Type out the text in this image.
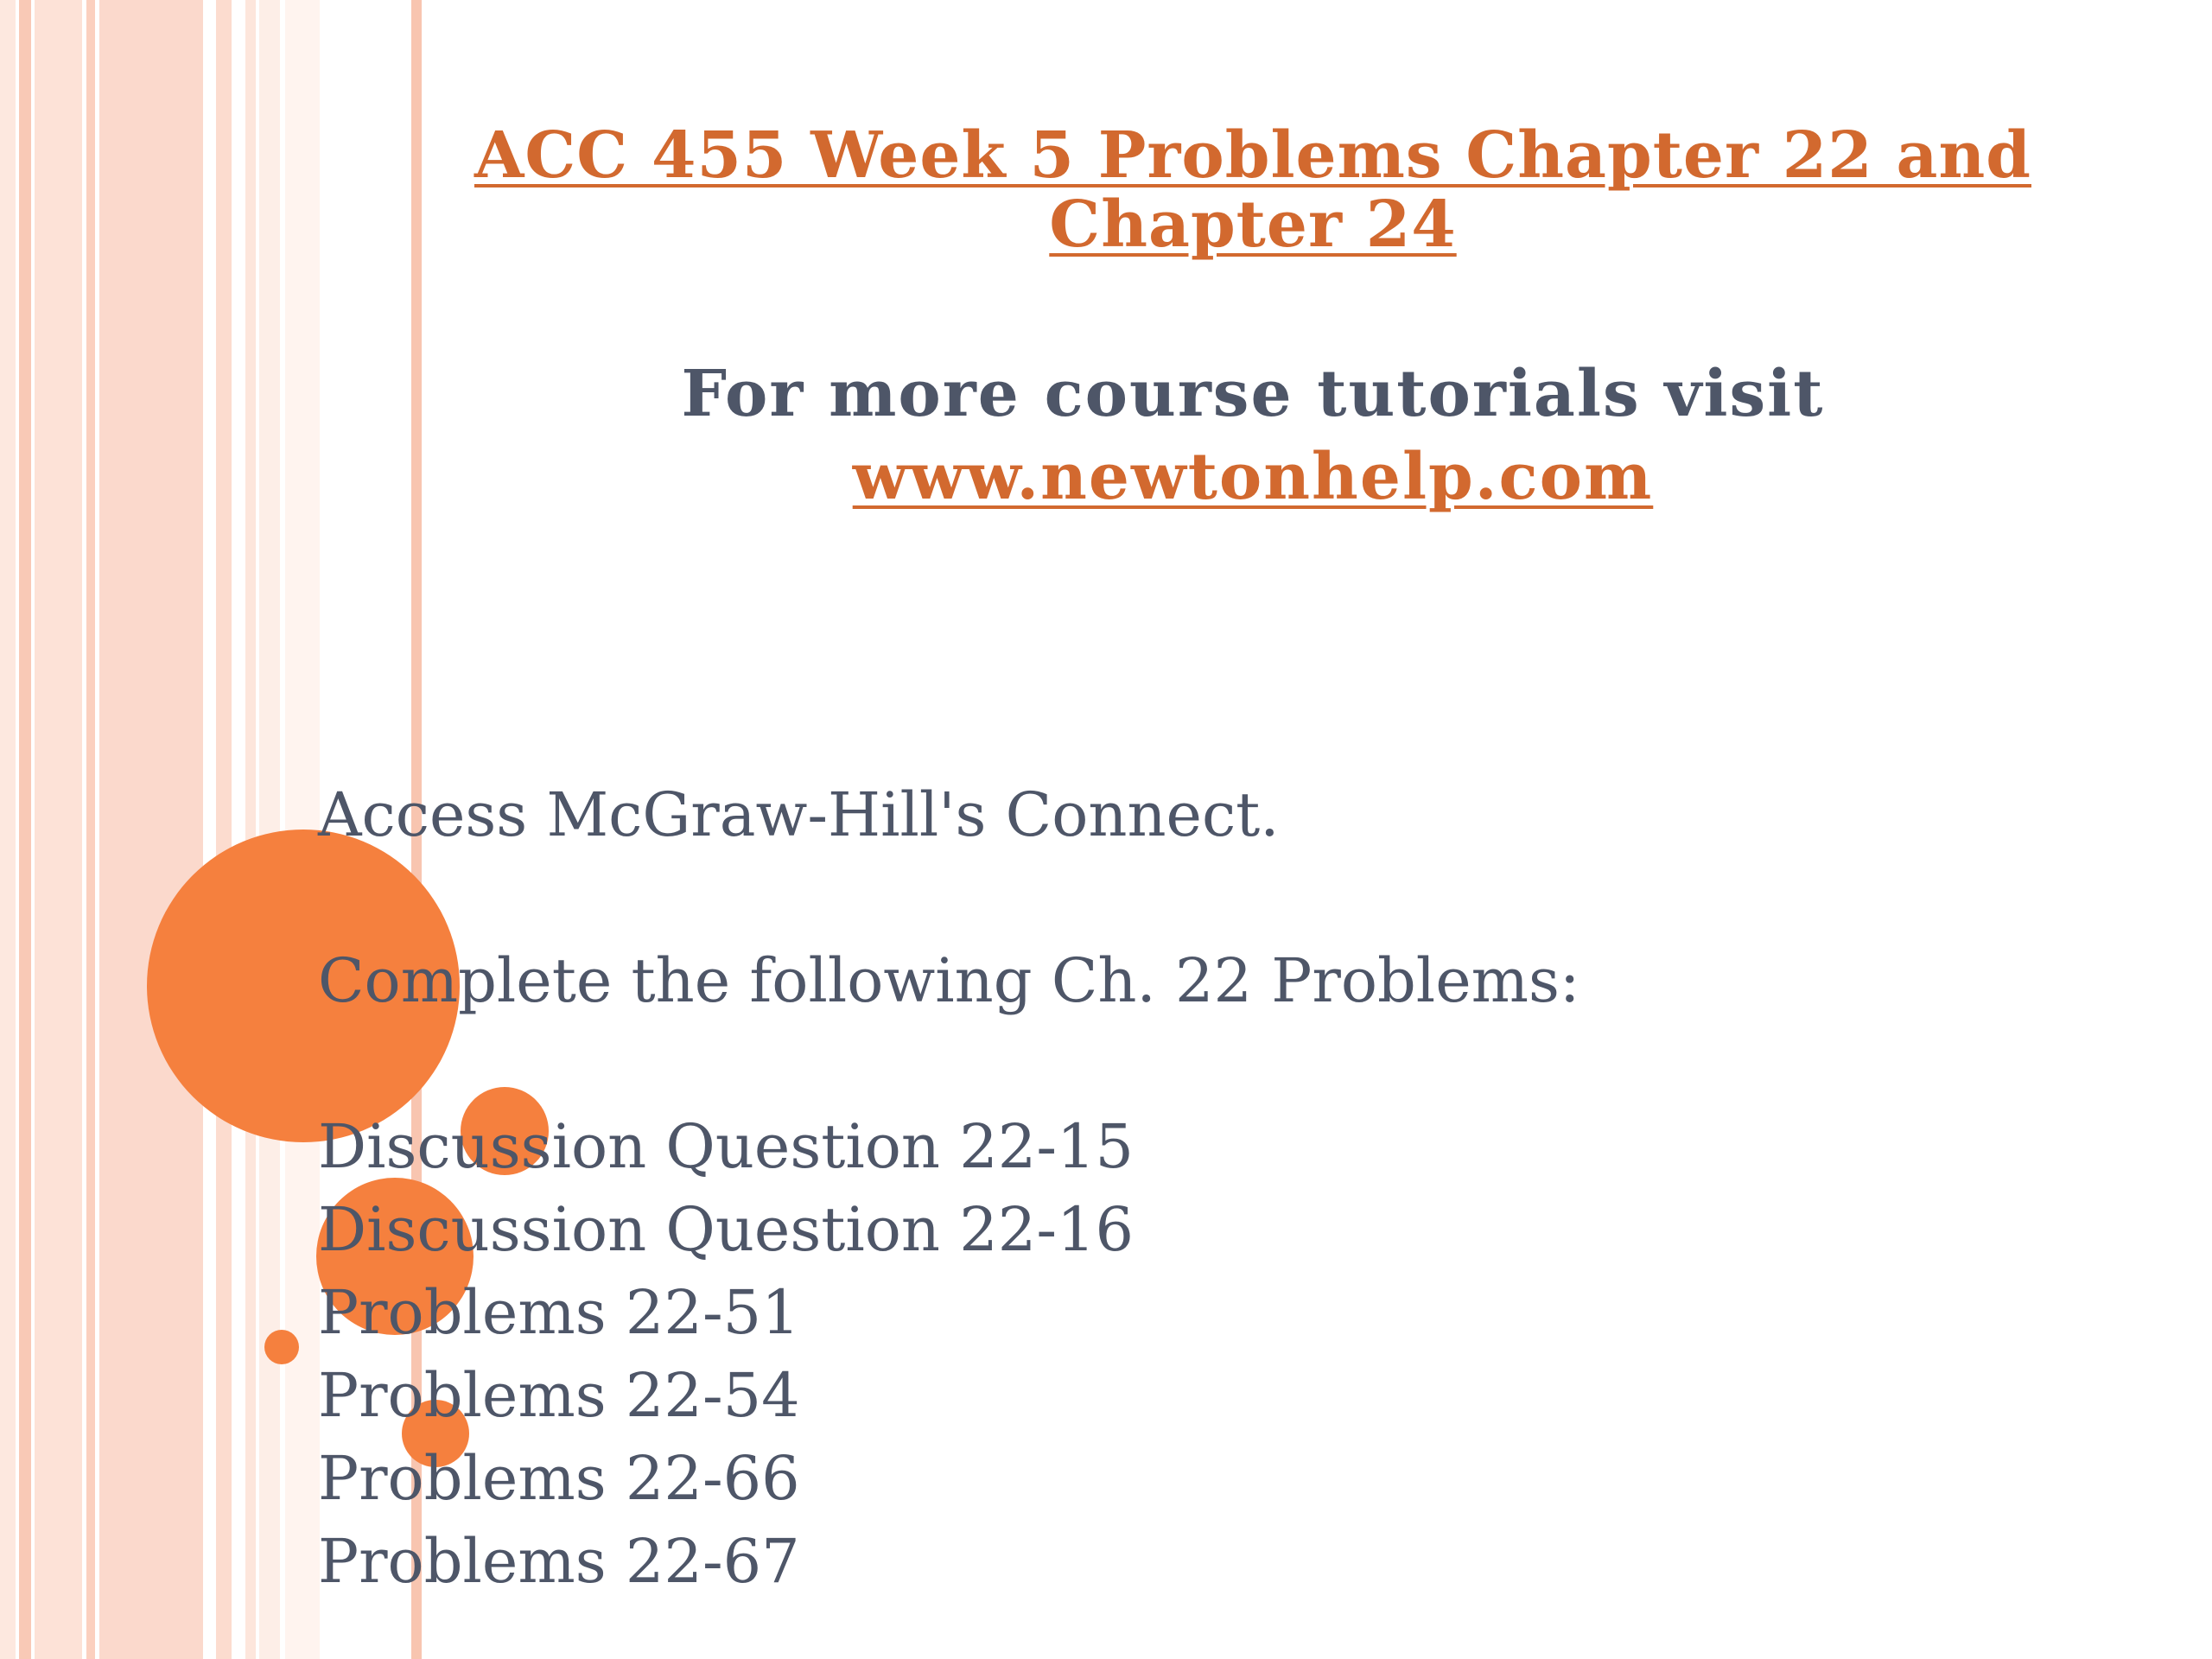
ACC 455 Week 5 Problems Chapter 22 and Chapter 24
For more course tutorials visit
www.newtonhelp.com
Access McGraw-Hill's Connect.
Complete the following Ch. 22 Problems:
Discussion Question 22-15
Discussion Question 22-16
Problems 22-51
Problems 22-54
Problems 22-66
Problems 22-67
